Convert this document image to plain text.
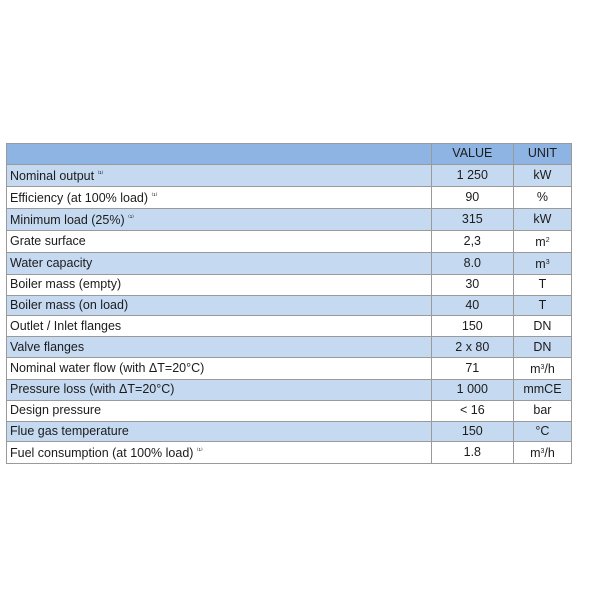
	VALUE	UNIT
Nominal output $^{^{(1)}}$	1 250	kW
Efficiency (at 100% load) $^{^{(1)}}$	90	%
Minimum load (25%) $^{^{(1)}}$	315	kW
Grate surface	2,3	$m^2$
Water capacity	8.0	$m^3$
Boiler mass (empty)	30	T
Boiler mass (on load)	40	T
Outlet / Inlet flanges	150	DN
Valve flanges	2 x 80	DN
Nominal water flow (with ΔT=20°C)	71	$m^3/h$
Pressure loss (with ΔT=20°C)	1 000	mmCE
Design pressure	< 16	bar
Flue gas temperature	150	°C
Fuel consumption (at 100% load) $^{^{(1)}}$	1.8	$m^3/h$
